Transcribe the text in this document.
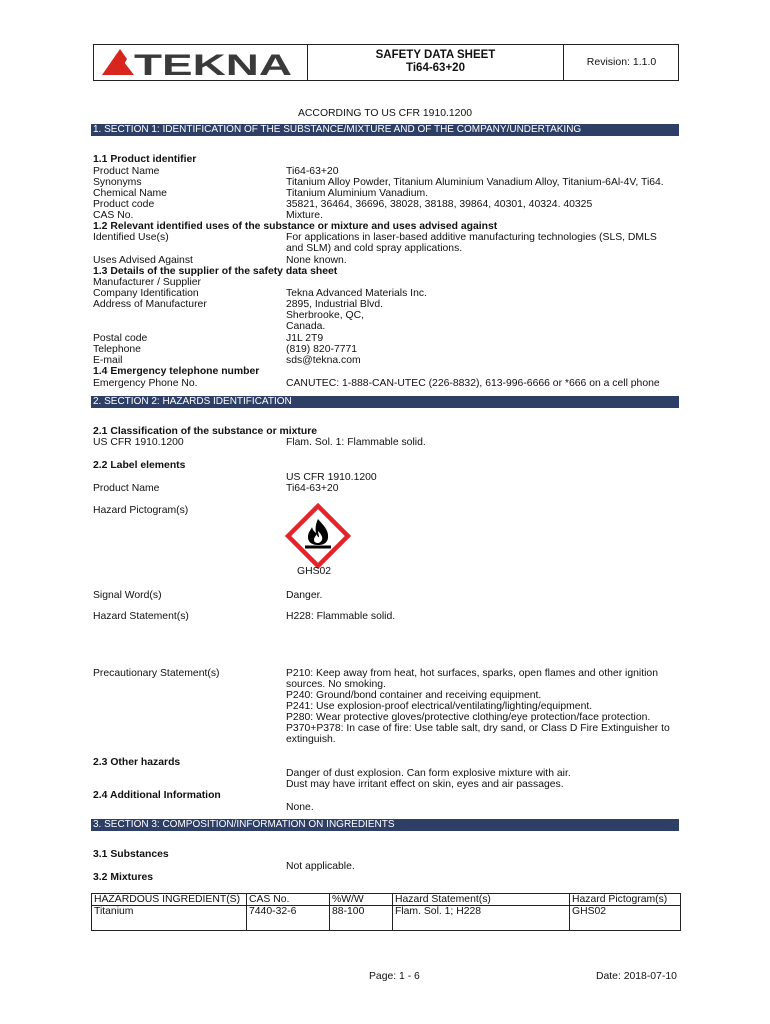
TEKNA	SAFETY DATA SHEET
Ti64-63+20	Revision: 1.1.0
ACCORDING TO US CFR 1910.1200
1. SECTION 1: IDENTIFICATION OF THE SUBSTANCE/MIXTURE AND OF THE COMPANY/UNDERTAKING
1.1 Product identifier
Product Name	Ti64-63+20
Synonyms	Titanium Alloy Powder, Titanium Aluminium Vanadium Alloy, Titanium-6Al-4V, Ti64.
Chemical Name	Titanium Aluminium Vanadium.
Product code	35821, 36464, 36696, 38028, 38188, 39864, 40301, 40324. 40325
CAS No.	Mixture.
1.2 Relevant identified uses of the substance or mixture and uses advised against
Identified Use(s)	For applications in laser-based additive manufacturing technologies (SLS, DMLS
and SLM) and cold spray applications.
Uses Advised Against	None known.
1.3 Details of the supplier of the safety data sheet
Manufacturer / Supplier
Company Identification	Tekna Advanced Materials Inc.
Address of Manufacturer	2895, Industrial Blvd.
Sherbrooke, QC,
Canada.
Postal code	J1L 2T9
Telephone	(819) 820-7771
E-mail	sds@tekna.com
1.4 Emergency telephone number
Emergency Phone No.	CANUTEC: 1-888-CAN-UTEC (226-8832), 613-996-6666 or *666 on a cell phone
2. SECTION 2: HAZARDS IDENTIFICATION
2.1 Classification of the substance or mixture
US CFR 1910.1200	Flam. Sol. 1: Flammable solid.
2.2 Label elements
US CFR 1910.1200
Product Name	Ti64-63+20
Hazard Pictogram(s)
GHS02
Signal Word(s)	Danger.
Hazard Statement(s)	H228: Flammable solid.
Precautionary Statement(s)	P210: Keep away from heat, hot surfaces, sparks, open flames and other ignition
sources. No smoking.
P240: Ground/bond container and receiving equipment.
P241: Use explosion-proof electrical/ventilating/lighting/equipment.
P280: Wear protective gloves/protective clothing/eye protection/face protection.
P370+P378: In case of fire: Use table salt, dry sand, or Class D Fire Extinguisher to
extinguish.
2.3 Other hazards
Danger of dust explosion. Can form explosive mixture with air.
Dust may have irritant effect on skin, eyes and air passages.
2.4 Additional Information
None.
3. SECTION 3: COMPOSITION/INFORMATION ON INGREDIENTS
3.1 Substances
Not applicable.
3.2 Mixtures
HAZARDOUS INGREDIENT(S)	CAS No.	%W/W	Hazard Statement(s)	Hazard Pictogram(s)
Titanium	7440-32-6	88-100	Flam. Sol. 1; H228	GHS02
Page: 1 - 6	Date: 2018-07-10
